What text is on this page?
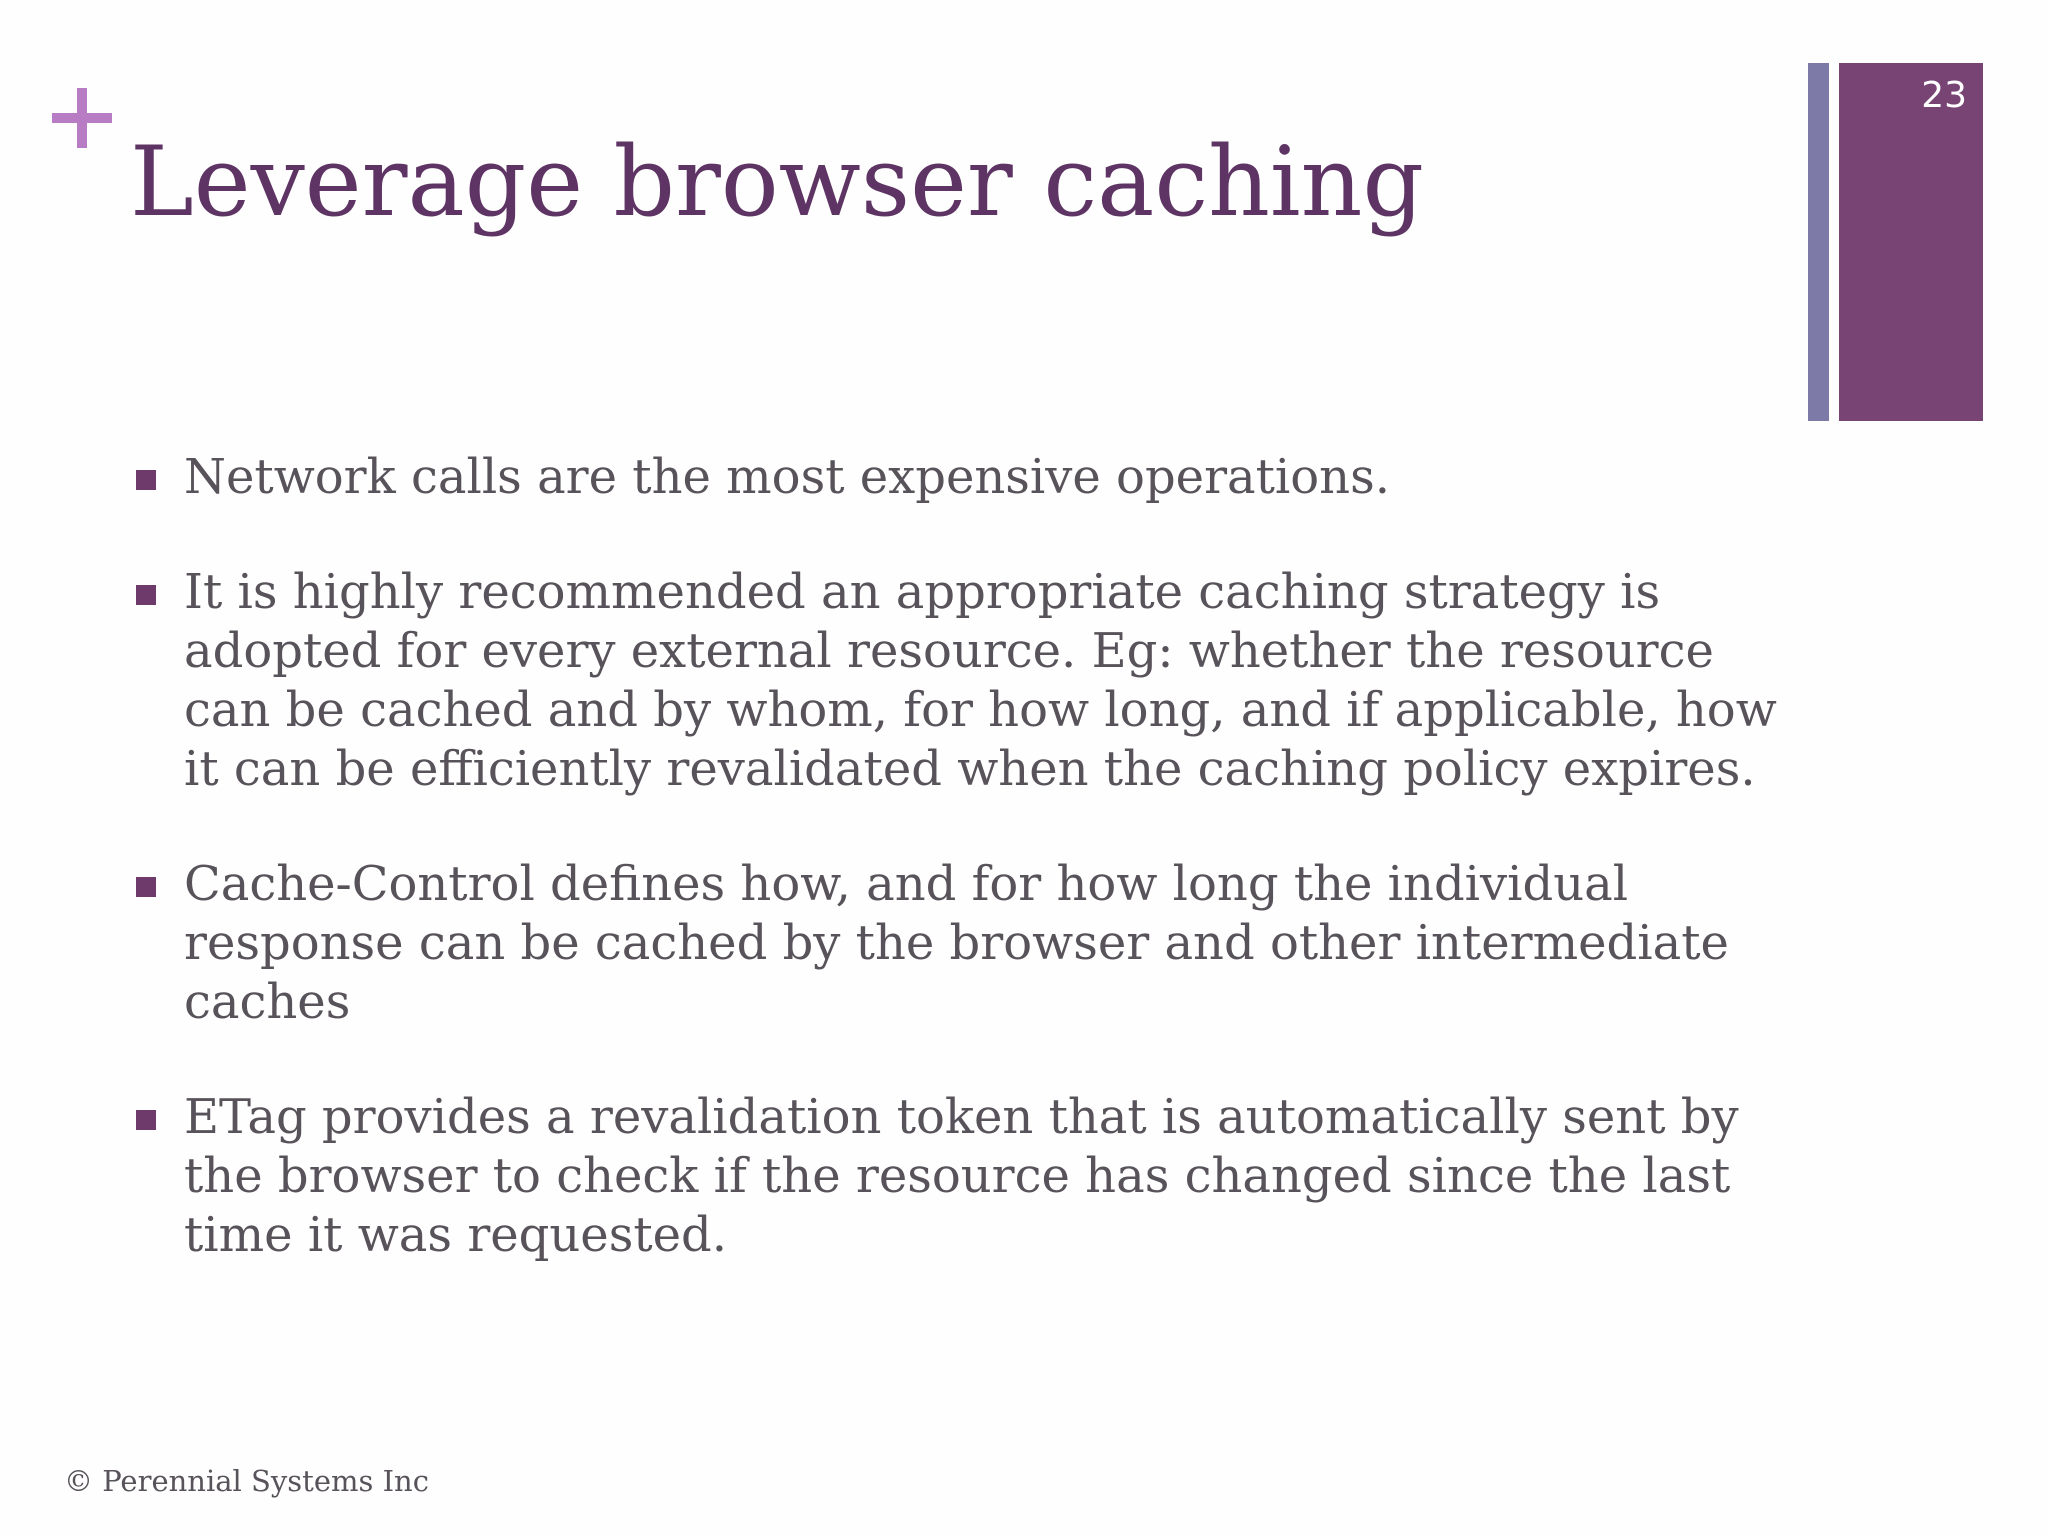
Leverage browser caching
23
Network calls are the most expensive operations.
It is highly recommended an appropriate caching strategy is adopted for every external resource. Eg: whether the resource can be cached and by whom, for how long, and if applicable, how it can be efficiently revalidated when the caching policy expires.
Cache-Control defines how, and for how long the individual response can be cached by the browser and other intermediate caches
ETag provides a revalidation token that is automatically sent by the browser to check if the resource has changed since the last time it was requested.
© Perennial Systems Inc
